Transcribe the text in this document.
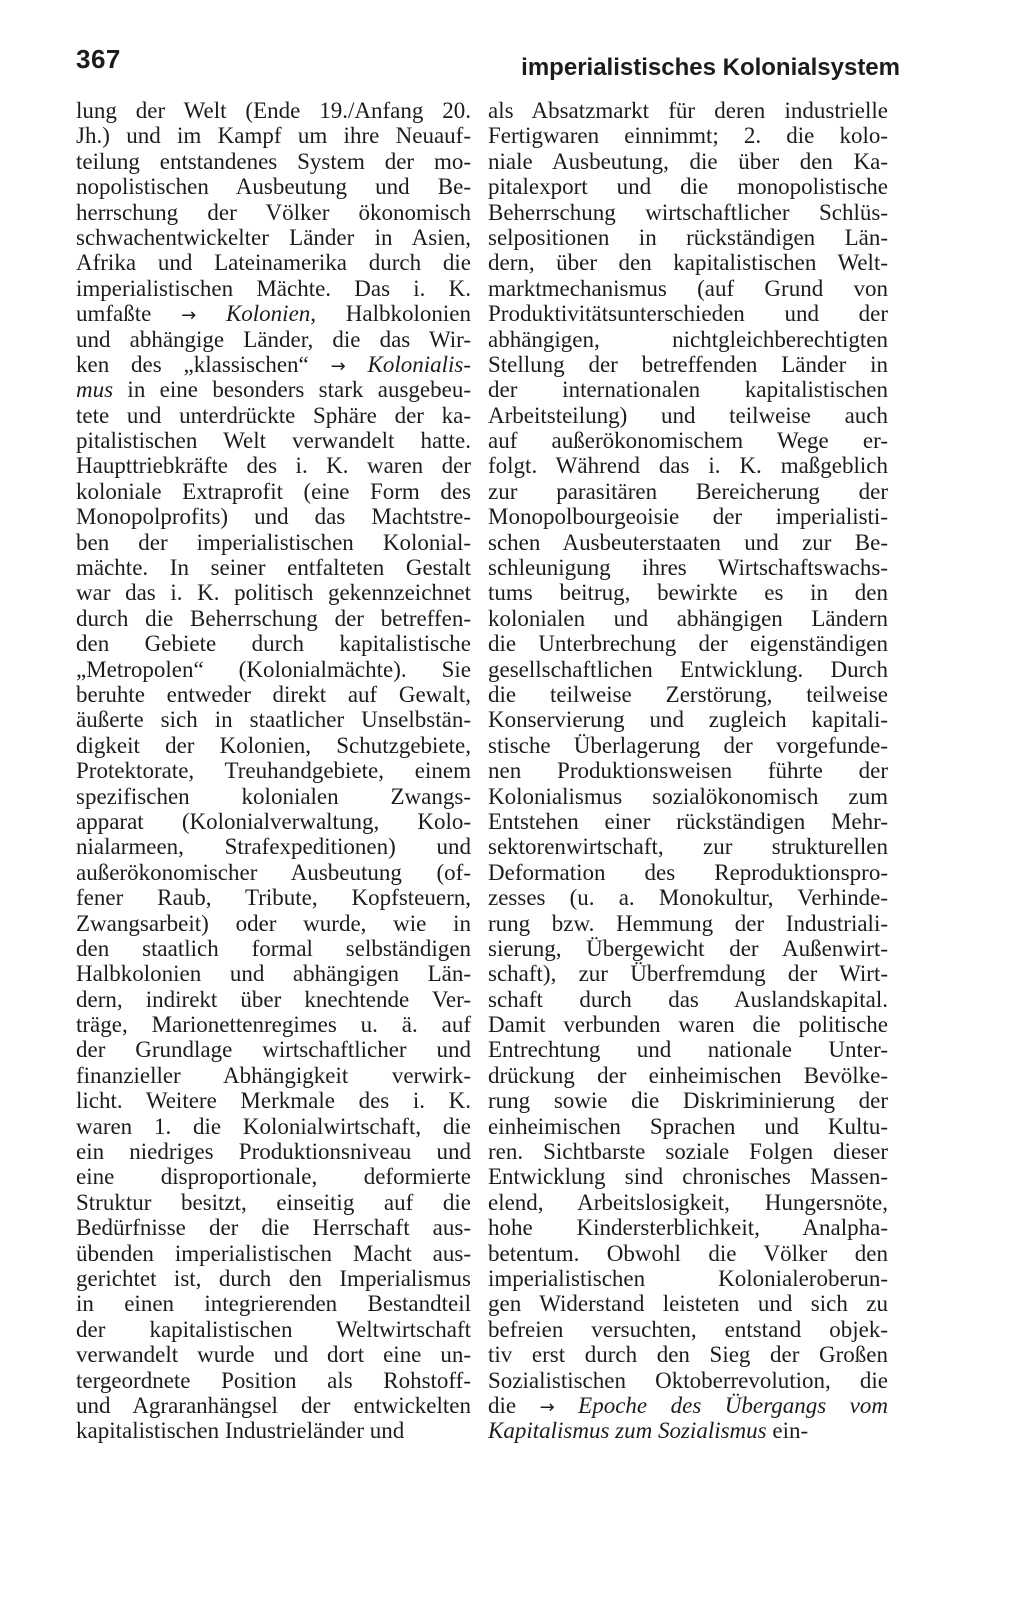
367	imperialistisches Kolonialsystem
lung der Welt (Ende 19./Anfang 20.
Jh.) und im Kampf um ihre Neuauf-
teilung entstandenes System der mo-
nopolistischen Ausbeutung und Be-
herrschung der Völker ökonomisch
schwachentwickelter Länder in Asien,
Afrika und Lateinamerika durch die
imperialistischen Mächte. Das i. K.
umfaßte → Kolonien, Halbkolonien
und abhängige Länder, die das Wir-
ken des „klassischen“ → Kolonialis-
mus in eine besonders stark ausgebeu-
tete und unterdrückte Sphäre der ka-
pitalistischen Welt verwandelt hatte.
Haupttriebkräfte des i. K. waren der
koloniale Extraprofit (eine Form des
Monopolprofits) und das Machtstre-
ben der imperialistischen Kolonial-
mächte. In seiner entfalteten Gestalt
war das i. K. politisch gekennzeichnet
durch die Beherrschung der betreffen-
den Gebiete durch kapitalistische
„Metropolen“ (Kolonialmächte). Sie
beruhte entweder direkt auf Gewalt,
äußerte sich in staatlicher Unselbstän-
digkeit der Kolonien, Schutzgebiete,
Protektorate, Treuhandgebiete, einem
spezifischen kolonialen Zwangs-
apparat (Kolonialverwaltung, Kolo-
nialarmeen, Strafexpeditionen) und
außerökonomischer Ausbeutung (of-
fener Raub, Tribute, Kopfsteuern,
Zwangsarbeit) oder wurde, wie in
den staatlich formal selbständigen
Halbkolonien und abhängigen Län-
dern, indirekt über knechtende Ver-
träge, Marionettenregimes u. ä. auf
der Grundlage wirtschaftlicher und
finanzieller Abhängigkeit verwirk-
licht. Weitere Merkmale des i. K.
waren 1. die Kolonialwirtschaft, die
ein niedriges Produktionsniveau und
eine disproportionale, deformierte
Struktur besitzt, einseitig auf die
Bedürfnisse der die Herrschaft aus-
übenden imperialistischen Macht aus-
gerichtet ist, durch den Imperialismus
in einen integrierenden Bestandteil
der kapitalistischen Weltwirtschaft
verwandelt wurde und dort eine un-
tergeordnete Position als Rohstoff-
und Agraranhängsel der entwickelten
kapitalistischen Industrieländer und
als Absatzmarkt für deren industrielle
Fertigwaren einnimmt; 2. die kolo-
niale Ausbeutung, die über den Ka-
pitalexport und die monopolistische
Beherrschung wirtschaftlicher Schlüs-
selpositionen in rückständigen Län-
dern, über den kapitalistischen Welt-
marktmechanismus (auf Grund von
Produktivitätsunterschieden und der
abhängigen, nichtgleichberechtigten
Stellung der betreffenden Länder in
der internationalen kapitalistischen
Arbeitsteilung) und teilweise auch
auf außerökonomischem Wege er-
folgt. Während das i. K. maßgeblich
zur parasitären Bereicherung der
Monopolbourgeoisie der imperialisti-
schen Ausbeuterstaaten und zur Be-
schleunigung ihres Wirtschaftswachs-
tums beitrug, bewirkte es in den
kolonialen und abhängigen Ländern
die Unterbrechung der eigenständigen
gesellschaftlichen Entwicklung. Durch
die teilweise Zerstörung, teilweise
Konservierung und zugleich kapitali-
stische Überlagerung der vorgefunde-
nen Produktionsweisen führte der
Kolonialismus sozialökonomisch zum
Entstehen einer rückständigen Mehr-
sektorenwirtschaft, zur strukturellen
Deformation des Reproduktionspro-
zesses (u. a. Monokultur, Verhinde-
rung bzw. Hemmung der Industriali-
sierung, Übergewicht der Außenwirt-
schaft), zur Überfremdung der Wirt-
schaft durch das Auslandskapital.
Damit verbunden waren die politische
Entrechtung und nationale Unter-
drückung der einheimischen Bevölke-
rung sowie die Diskriminierung der
einheimischen Sprachen und Kultu-
ren. Sichtbarste soziale Folgen dieser
Entwicklung sind chronisches Massen-
elend, Arbeitslosigkeit, Hungersnöte,
hohe Kindersterblichkeit, Analpha-
betentum. Obwohl die Völker den
imperialistischen Kolonialeroberun-
gen Widerstand leisteten und sich zu
befreien versuchten, entstand objek-
tiv erst durch den Sieg der Großen
Sozialistischen Oktoberrevolution, die
die → Epoche des Übergangs vom
Kapitalismus zum Sozialismus ein-
